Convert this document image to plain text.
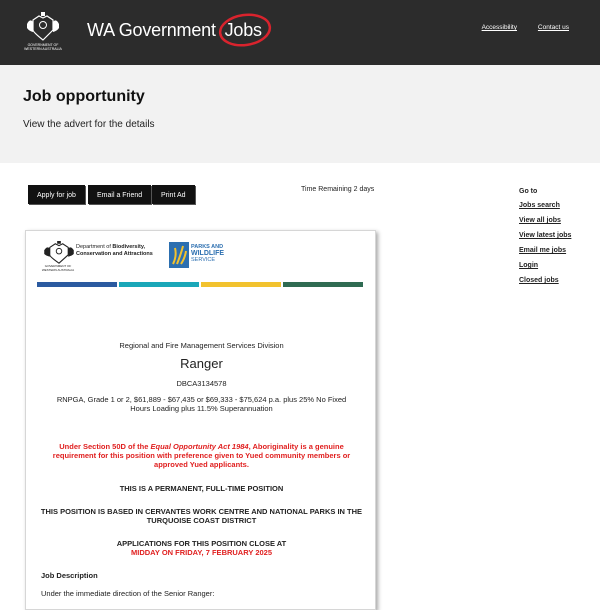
GOVERNMENT OF WESTERN AUSTRALIA
WA Government Jobs	Accessibility	Contact us
Job opportunity

View the advert for the details

Apply for job	Email a Friend	Print Ad
Time Remaining 2 days	Go to
Jobs search
View all jobs
View latest jobs
Email me jobs
Login
Closed jobs
GOVERNMENT OF WESTERN AUSTRALIA
Department of Biodiversity,
Conservation and Attractions
PARKS AND
WILDLIFE
SERVICE
Regional and Fire Management Services Division
Ranger
DBCA3134578
RNPGA, Grade 1 or 2, $61,889 - $67,435 or $69,333 - $75,624 p.a. plus 25% No Fixed Hours Loading plus 11.5% Superannuation
Under Section 50D of the Equal Opportunity Act 1984, Aboriginality is a genuine requirement for this position with preference given to Yued community members or approved Yued applicants.
THIS IS A PERMANENT, FULL-TIME POSITION
THIS POSITION IS BASED IN CERVANTES WORK CENTRE AND NATIONAL PARKS IN THE TURQUOISE COAST DISTRICT
APPLICATIONS FOR THIS POSITION CLOSE AT
MIDDAY ON FRIDAY, 7 FEBRUARY 2025
Job Description
Under the immediate direction of the Senior Ranger:
